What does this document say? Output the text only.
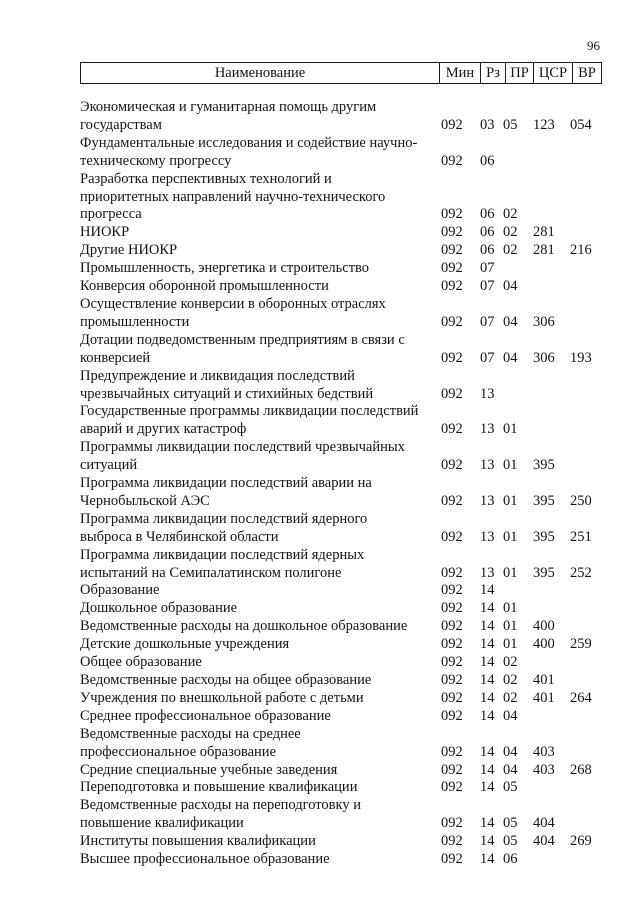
96
Наименование	Мин Рз ПР ЦСР ВР
Экономическая и гуманитарная помощь другим
государствам	092 03 05 123 054
Фундаментальные исследования и содействие научно-
техническому прогрессу	092 06
Разработка перспективных технологий и
приоритетных направлений научно-технического
прогресса	092 06 02
НИОКР	092 06 02 281
Другие НИОКР	092 06 02 281 216
Промышленность, энергетика и строительство	092 07
Конверсия оборонной промышленности	092 07 04
Осуществление конверсии в оборонных отраслях
промышленности	092 07 04 306
Дотации подведомственным предприятиям в связи с
конверсией	092 07 04 306 193
Предупреждение и ликвидация последствий
чрезвычайных ситуаций и стихийных бедствий	092 13
Государственные программы ликвидации последствий
аварий и других катастроф	092 13 01
Программы ликвидации последствий чрезвычайных
ситуаций	092 13 01 395
Программа ликвидации последствий аварии на
Чернобыльской АЭС	092 13 01 395 250
Программа ликвидации последствий ядерного
выброса в Челябинской области	092 13 01 395 251
Программа ликвидации последствий ядерных
испытаний на Семипалатинском полигоне	092 13 01 395 252
Образование	092 14
Дошкольное образование	092 14 01
Ведомственные расходы на дошкольное образование	092 14 01 400
Детские дошкольные учреждения	092 14 01 400 259
Общее образование	092 14 02
Ведомственные расходы на общее образование	092 14 02 401
Учреждения по внешкольной работе с детьми	092 14 02 401 264
Среднее профессиональное образование	092 14 04
Ведомственные расходы на среднее
профессиональное образование	092 14 04 403
Средние специальные учебные заведения	092 14 04 403 268
Переподготовка и повышение квалификации	092 14 05
Ведомственные расходы на переподготовку и
повышение квалификации	092 14 05 404
Институты повышения квалификации	092 14 05 404 269
Высшее профессиональное образование	092 14 06
